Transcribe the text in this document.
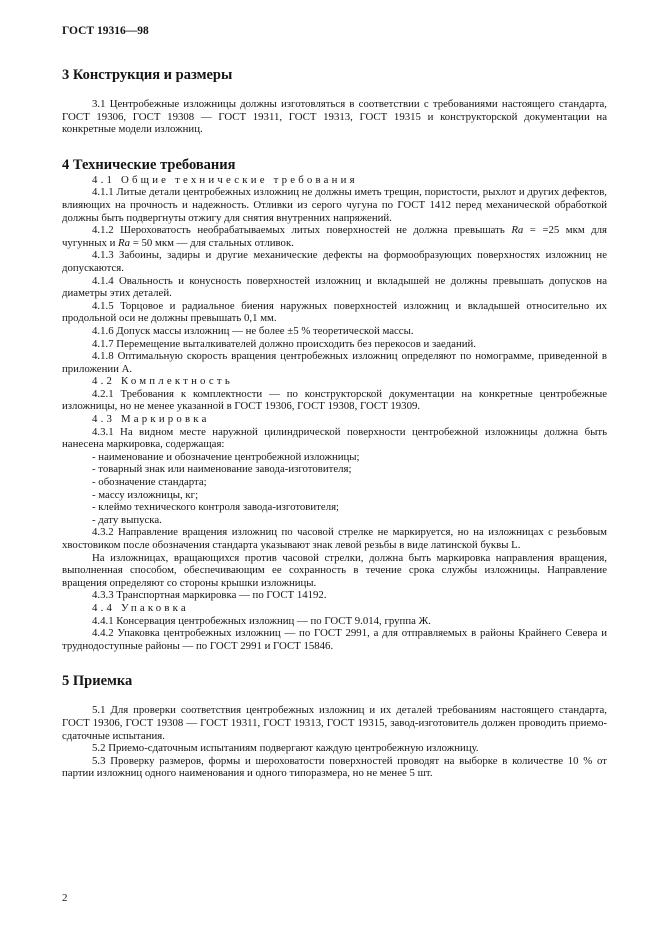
ГОСТ 19316—98

3 Конструкция и размеры

3.1 Центробежные изложницы должны изготовляться в соответствии с требованиями настоящего стандарта, ГОСТ 19306, ГОСТ 19308 — ГОСТ 19311, ГОСТ 19313, ГОСТ 19315 и конструкторской документации на конкретные модели изложниц.

4 Технические требования

4.1 Общие технические требования

4.1.1 Литые детали центробежных изложниц не должны иметь трещин, пористости, рыхлот и других дефектов, влияющих на прочность и надежность. Отливки из серого чугуна по ГОСТ 1412 перед механической обработкой должны быть подвергнуты отжигу для снятия внутренних напряжений.

4.1.2 Шероховатость необрабатываемых литых поверхностей не должна превышать Ra = =25 мкм для чугунных и Ra = 50 мкм — для стальных отливок.

4.1.3 Забоины, задиры и другие механические дефекты на формообразующих поверхностях изложниц не допускаются.

4.1.4 Овальность и конусность поверхностей изложниц и вкладышей не должны превышать допусков на диаметры этих деталей.

4.1.5 Торцовое и радиальное биения наружных поверхностей изложниц и вкладышей относительно их продольной оси не должны превышать 0,1 мм.

4.1.6 Допуск массы изложниц — не более ±5 % теоретической массы.

4.1.7 Перемещение выталкивателей должно происходить без перекосов и заеданий.

4.1.8 Оптимальную скорость вращения центробежных изложниц определяют по номограмме, приведенной в приложении А.

4.2 Комплектность

4.2.1 Требования к комплектности — по конструкторской документации на конкретные центробежные изложницы, но не менее указанной в ГОСТ 19306, ГОСТ 19308, ГОСТ 19309.

4.3 Маркировка

4.3.1 На видном месте наружной цилиндрической поверхности центробежной изложницы должна быть нанесена маркировка, содержащая:

- наименование и обозначение центробежной изложницы;

- товарный знак или наименование завода-изготовителя;

- обозначение стандарта;

- массу изложницы, кг;

- клеймо технического контроля завода-изготовителя;

- дату выпуска.

4.3.2 Направление вращения изложниц по часовой стрелке не маркируется, но на изложницах с резьбовым хвостовиком после обозначения стандарта указывают знак левой резьбы в виде латинской буквы L.

На изложницах, вращающихся против часовой стрелки, должна быть маркировка направления вращения, выполненная способом, обеспечивающим ее сохранность в течение срока службы изложницы. Направление вращения определяют со стороны крышки изложницы.

4.3.3 Транспортная маркировка — по ГОСТ 14192.

4.4 Упаковка

4.4.1 Консервация центробежных изложниц — по ГОСТ 9.014, группа Ж.

4.4.2 Упаковка центробежных изложниц — по ГОСТ 2991, а для отправляемых в районы Крайнего Севера и труднодоступные районы — по ГОСТ 2991 и ГОСТ 15846.

5 Приемка

5.1 Для проверки соответствия центробежных изложниц и их деталей требованиям настоящего стандарта, ГОСТ 19306, ГОСТ 19308 — ГОСТ 19311, ГОСТ 19313, ГОСТ 19315, завод-изготовитель должен проводить приемо-сдаточные испытания.

5.2 Приемо-сдаточным испытаниям подвергают каждую центробежную изложницу.

5.3 Проверку размеров, формы и шероховатости поверхностей проводят на выборке в количестве 10 % от партии изложниц одного наименования и одного типоразмера, но не менее 5 шт.

2
